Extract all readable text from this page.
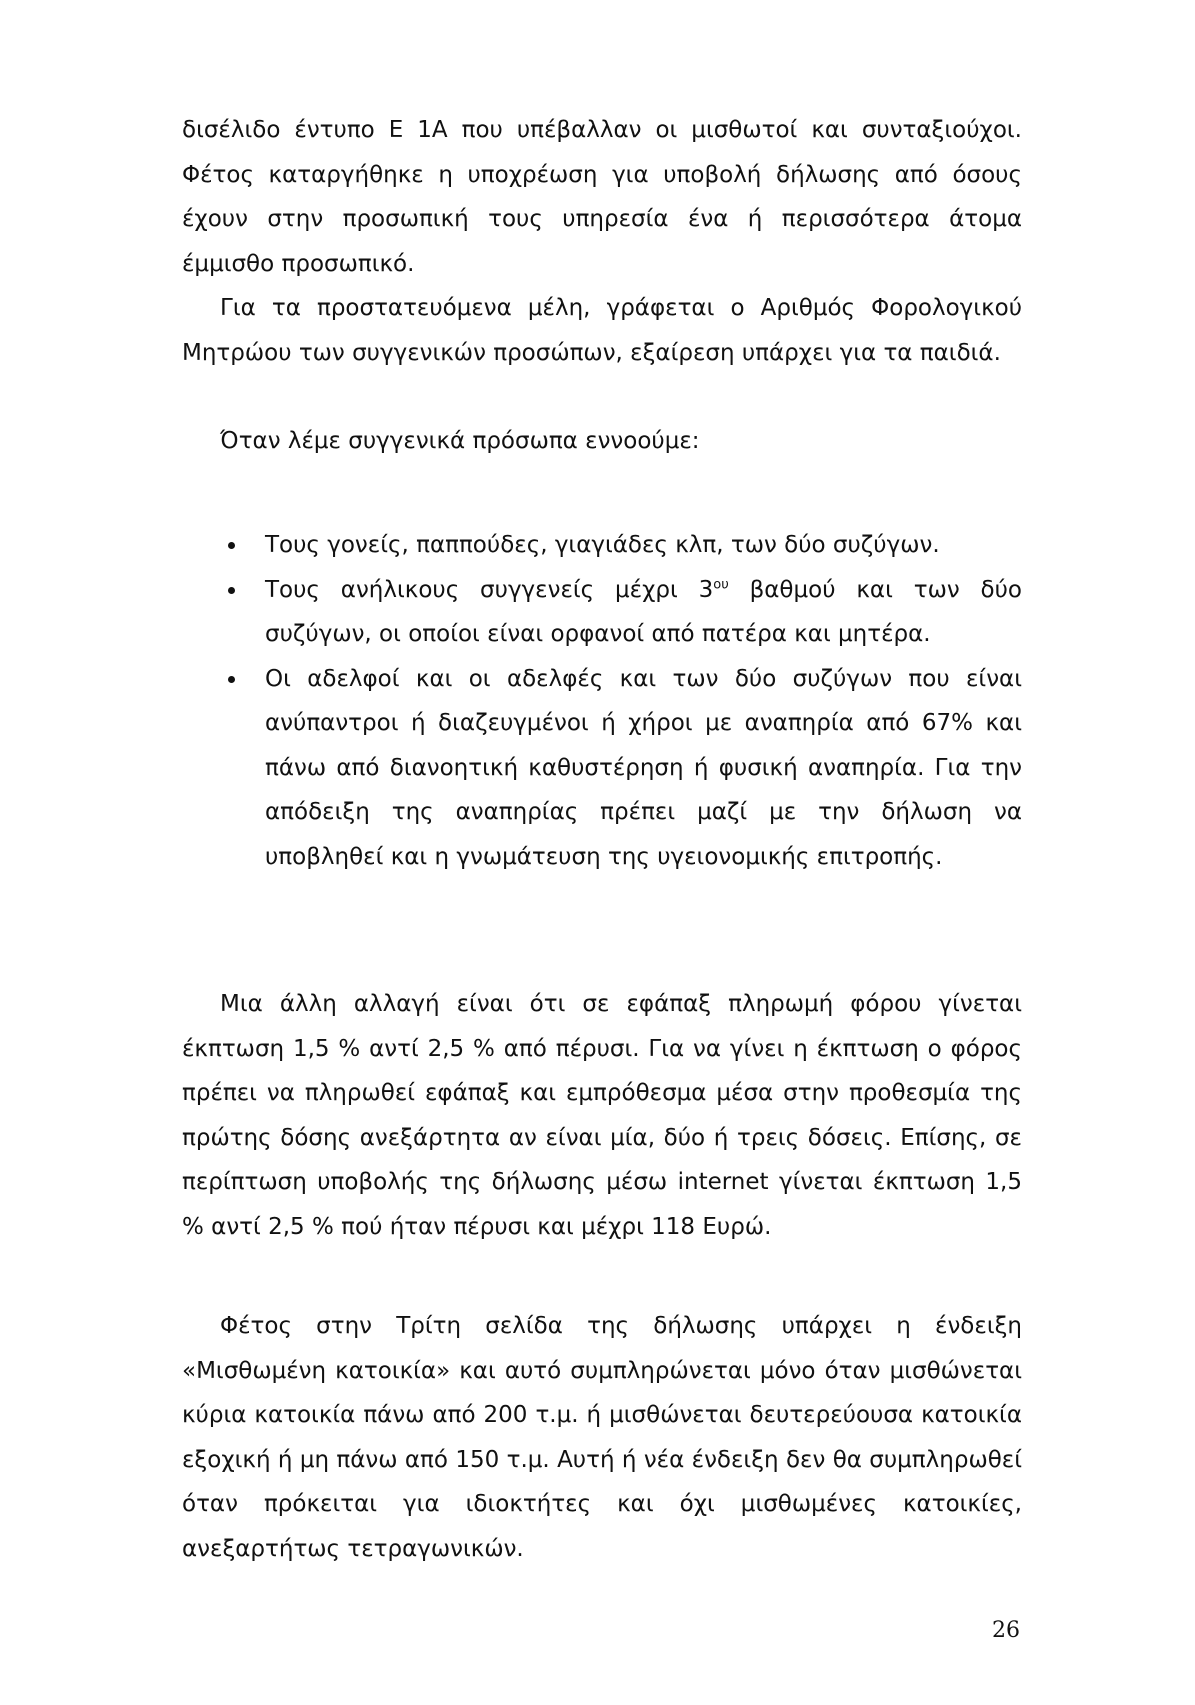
δισέλιδο έντυπο Ε 1Α που υπέβαλλαν οι μισθωτοί και συνταξιούχοι. Φέτος καταργήθηκε η υποχρέωση για υποβολή δήλωσης από όσους έχουν στην προσωπική τους υπηρεσία ένα ή περισσότερα άτομα έμμισθο προσωπικό.

Για τα προστατευόμενα μέλη, γράφεται ο Αριθμός Φορολογικού Μητρώου των συγγενικών προσώπων, εξαίρεση υπάρχει για τα παιδιά.

Όταν λέμε συγγενικά πρόσωπα εννοούμε:

Τους γονείς, παππούδες, γιαγιάδες κλπ, των δύο συζύγων.
Τους ανήλικους συγγενείς μέχρι $3^{o\upsilon}$ βαθμού και των δύο συζύγων, οι οποίοι είναι ορφανοί από πατέρα και μητέρα.
Οι αδελφοί και οι αδελφές και των δύο συζύγων που είναι ανύπαντροι ή διαζευγμένοι ή χήροι με αναπηρία από 67% και πάνω από διανοητική καθυστέρηση ή φυσική αναπηρία. Για την απόδειξη της αναπηρίας πρέπει μαζί με την δήλωση να υποβληθεί και η γνωμάτευση της υγειονομικής επιτροπής.

Μια άλλη αλλαγή είναι ότι σε εφάπαξ πληρωμή φόρου γίνεται έκπτωση 1,5 % αντί 2,5 % από πέρυσι. Για να γίνει η έκπτωση ο φόρος πρέπει να πληρωθεί εφάπαξ και εμπρόθεσμα μέσα στην προθεσμία της πρώτης δόσης ανεξάρτητα αν είναι μία, δύο ή τρεις δόσεις. Επίσης, σε περίπτωση υποβολής της δήλωσης μέσω internet γίνεται έκπτωση 1,5 % αντί 2,5 % πού ήταν πέρυσι και μέχρι 118 Ευρώ.

Φέτος στην Τρίτη σελίδα της δήλωσης υπάρχει η ένδειξη «Μισθωμένη κατοικία» και αυτό συμπληρώνεται μόνο όταν μισθώνεται κύρια κατοικία πάνω από 200 τ.μ. ή μισθώνεται δευτερεύουσα κατοικία εξοχική ή μη πάνω από 150 τ.μ. Αυτή ή νέα ένδειξη δεν θα συμπληρωθεί όταν πρόκειται για ιδιοκτήτες και όχι μισθωμένες κατοικίες, ανεξαρτήτως τετραγωνικών.

26
